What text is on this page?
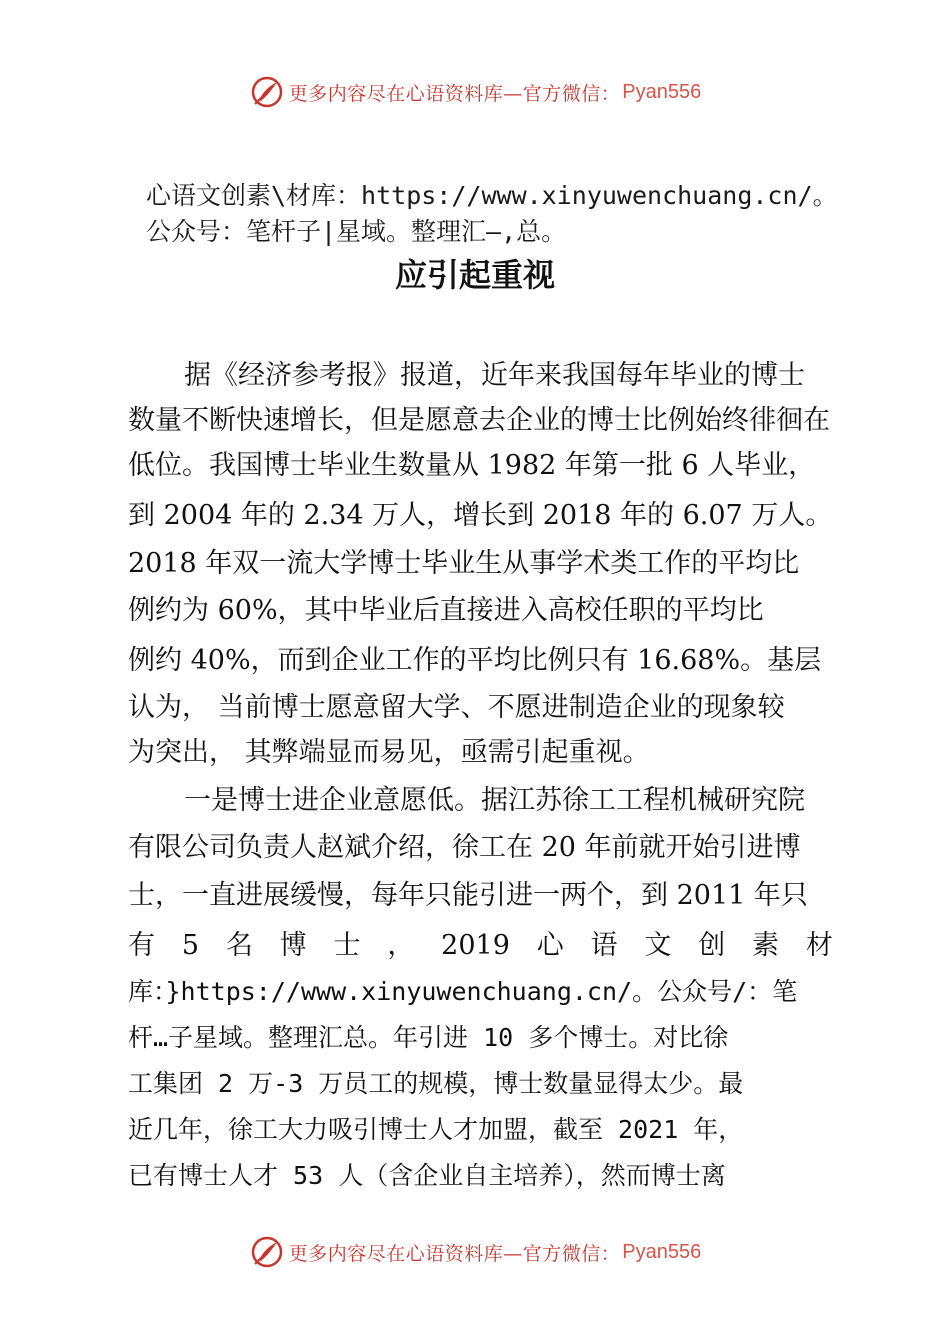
更多内容尽在心语资料库—官方微信： Pyan556
心语文创素\材库：https://www.xinyuwenchuang.cn/。
公众号：笔杆子|星域。整理汇—,总。
应引起重视
据《经济参考报》报道，近年来我国每年毕业的博士
数量不断快速增长，但是愿意去企业的博士比例始终徘徊在
低位。我国博士毕业生数量从 1982 年第一批 6 人毕业，
到 2004 年的 2.34 万人，增长到 2018 年的 6.07 万人。
2018 年双一流大学博士毕业生从事学术类工作的平均比
例约为 60%，其中毕业后直接进入高校任职的平均比
例约 40%，而到企业工作的平均比例只有 16.68%。基层
认为， 当前博士愿意留大学、不愿进制造企业的现象较
为突出， 其弊端显而易见，亟需引起重视。
一是博士进企业意愿低。据江苏徐工工程机械研究院
有限公司负责人赵斌介绍，徐工在 20 年前就开始引进博
士，一直进展缓慢，每年只能引进一两个，到 2011 年只
有 5 名 博 士 ， 2019 心 语 文 创 素 材
库：}https://www.xinyuwenchuang.cn/。公众号/：笔
杆…子星域。整理汇总。年引进 10 多个博士。对比徐
工集团 2 万-3 万员工的规模，博士数量显得太少。最
近几年，徐工大力吸引博士人才加盟，截至 2021 年，
已有博士人才 53 人（含企业自主培养），然而博士离
更多内容尽在心语资料库—官方微信： Pyan556
